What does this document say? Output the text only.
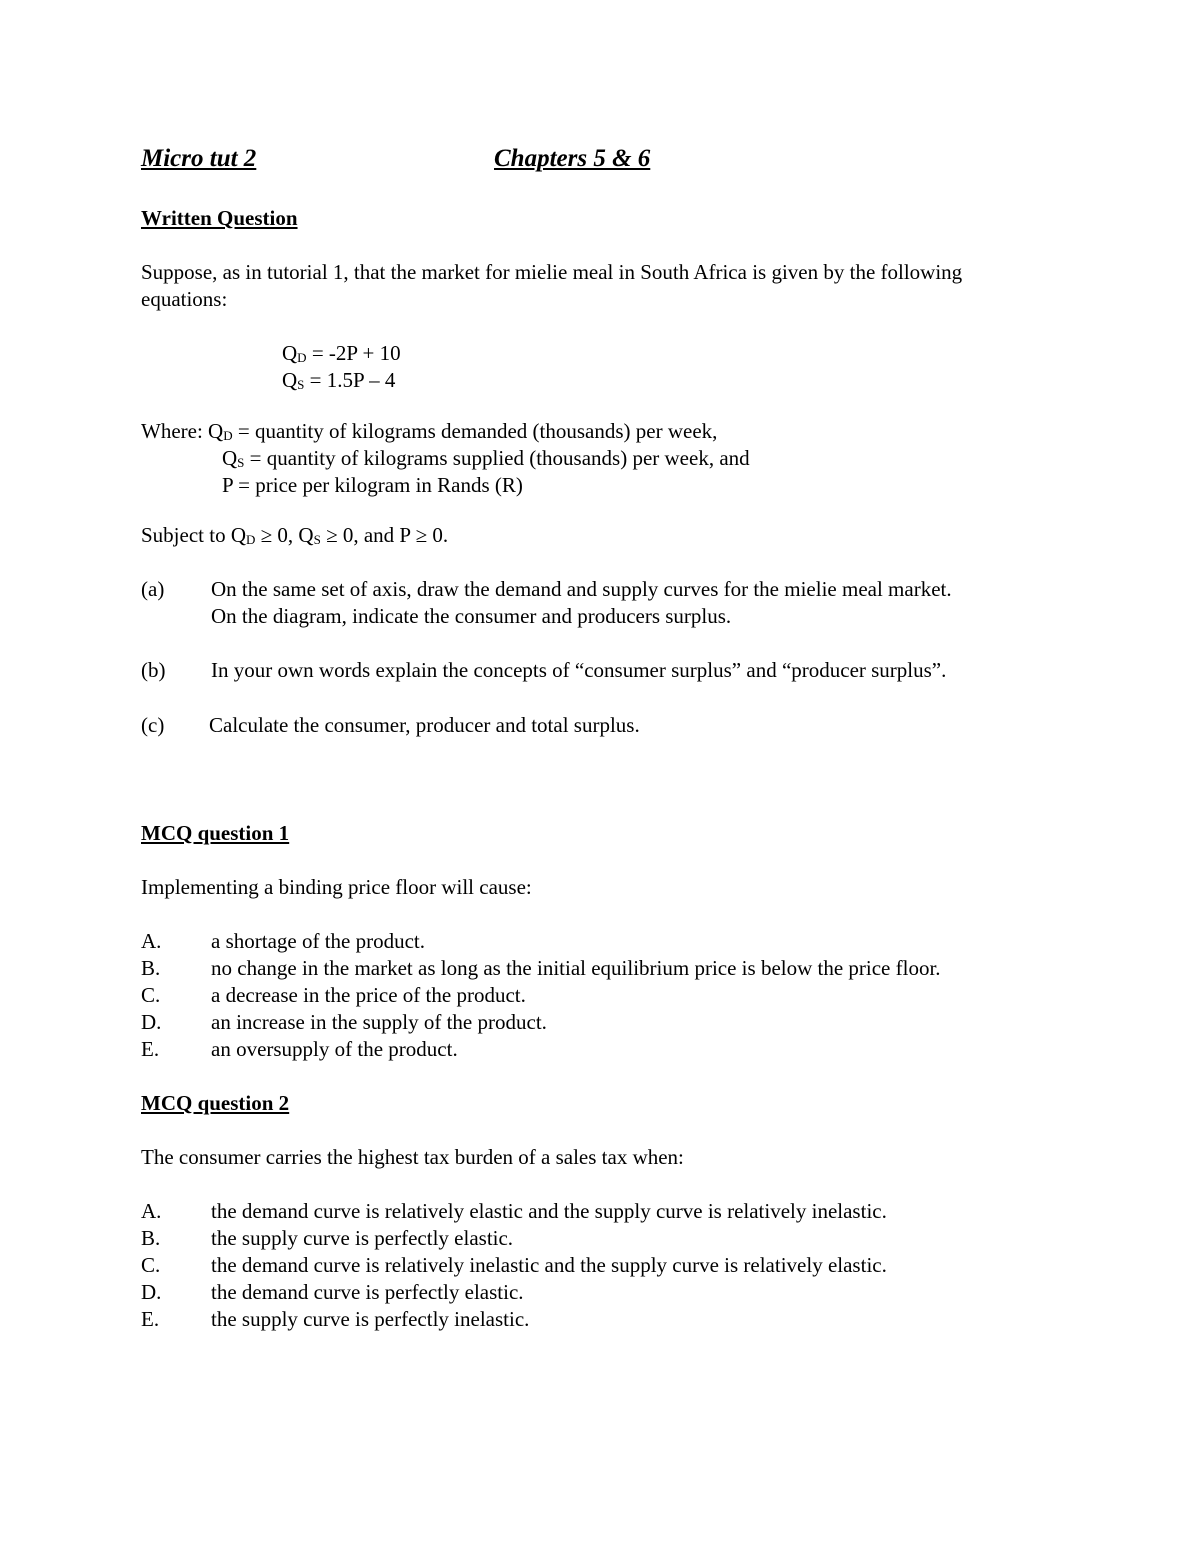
Micro tut 2	Chapters 5 & 6
Written Question
Suppose, as in tutorial 1, that the market for mielie meal in South Africa is given by the following
equations:
$Q_D = -2P + 10$
$Q_S = 1.5P - 4$
Where: $Q_D$ = quantity of kilograms demanded (thousands) per week,
$Q_S$ = quantity of kilograms supplied (thousands) per week, and
P = price per kilogram in Rands (R)
Subject to $Q_D \ge 0$, $Q_S \ge 0$, and P ≥ 0.
(a) On the same set of axis, draw the demand and supply curves for the mielie meal market.
On the diagram, indicate the consumer and producers surplus.
(b) In your own words explain the concepts of “consumer surplus” and “producer surplus”.
(c) Calculate the consumer, producer and total surplus.
MCQ question 1
Implementing a binding price floor will cause:
A. a shortage of the product.
B. no change in the market as long as the initial equilibrium price is below the price floor.
C. a decrease in the price of the product.
D. an increase in the supply of the product.
E. an oversupply of the product.
MCQ question 2
The consumer carries the highest tax burden of a sales tax when:
A. the demand curve is relatively elastic and the supply curve is relatively inelastic.
B. the supply curve is perfectly elastic.
C. the demand curve is relatively inelastic and the supply curve is relatively elastic.
D. the demand curve is perfectly elastic.
E. the supply curve is perfectly inelastic.
